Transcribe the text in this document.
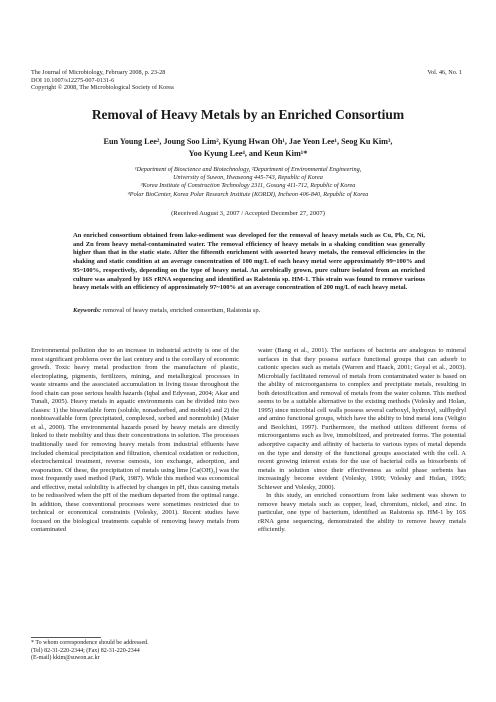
The Journal of Microbiology, February 2008, p. 23-28
DOI 10.1007/s12275-007-0131-6
Copyright © 2008, The Microbiological Society of Korea
Vol. 46, No. 1
Removal of Heavy Metals by an Enriched Consortium
Eun Young Lee², Joung Soo Lim², Kyung Hwan Oh¹, Jae Yeon Lee¹, Seog Ku Kim³,
Yoo Kyung Lee⁴, and Keun Kim¹*
¹Department of Bioscience and Biotechnology, ²Department of Environmental Engineering,
University of Suwon, Hwaseong 445-743, Republic of Korea
³Korea Institute of Construction Technology 2311, Gosung 411-712, Republic of Korea
⁴Polar BioCenter, Korea Polar Research Institute (KORDI), Incheon 406-840, Republic of Korea
(Received August 3, 2007 / Accepted December 27, 2007)

An enriched consortium obtained from lake-sediment was developed for the removal of heavy metals such as Cu, Pb, Cr, Ni, and Zn from heavy metal-contaminated water. The removal efficiency of heavy metals in a shaking condition was generally higher than that in the static state. After the fifteenth enrichment with assorted heavy metals, the removal efficiencies in the shaking and static condition at an average concentration of 100 mg/L of each heavy metal were approximately 99~100% and 95~100%, respectively, depending on the type of heavy metal. An aerobically grown, pure culture isolated from an enriched culture was analyzed by 16S rRNA sequencing and identified as Ralstonia sp. HM-1. This strain was found to remove various heavy metals with an efficiency of approximately 97~100% at an average concentration of 200 mg/L of each heavy metal.

Keywords: removal of heavy metals, enriched consortium, Ralstonia sp.

Environmental pollution due to an increase in industrial activity is one of the most significant problems over the last century and is the corollary of economic growth. Toxic heavy metal production from the manufacture of plastic, electroplating, pigments, fertilizers, mining, and metallurgical processes in waste streams and the associated accumulation in living tissue throughout the food chain can pose serious health hazards (Iqbal and Edyvean, 2004; Akar and Tunali, 2005). Heavy metals in aquatic environments can be divided into two classes: 1) the bioavailable form (soluble, nonadsorbed, and mobile) and 2) the nonbioavailable form (precipitated, complexed, sorbed and nonmobile) (Maier et al., 2000). The environmental hazards posed by heavy metals are directly linked to their mobility and thus their concentrations in solution. The processes traditionally used for removing heavy metals from industrial effluents have included chemical precipitation and filtration, chemical oxidation or reduction, electrochemical treatment, reverse osmosis, ion exchange, adsorption, and evaporation. Of these, the precipitation of metals using lime [Ca(OH)₂] was the most frequently used method (Park, 1987). While this method was economical and effective, metal solubility is affected by changes in pH, thus causing metals to be redissolved when the pH of the medium departed from the optimal range. In addition, these conventional processes were sometimes restricted due to technical or economical constraints (Volesky, 2001). Recent studies have focused on the biological treatments capable of removing heavy metals from contaminated

water (Bang et al., 2001). The surfaces of bacteria are analogous to mineral surfaces in that they possess surface functional groups that can adsorb to cationic species such as metals (Warren and Haack, 2001; Goyal et al., 2003). Microbially facilitated removal of metals from contaminated water is based on the ability of microorganisms to complex and precipitate metals, resulting in both detoxification and removal of metals from the water column. This method seems to be a suitable alternative to the existing methods (Volesky and Holan, 1995) since microbial cell walls possess several carboxyl, hydroxyl, sulfhydryl and amino functional groups, which have the ability to bind metal ions (Veligio and Beolchini, 1997). Furthermore, the method utilizes different forms of microorganisms such as live, immobilized, and pretreated forms. The potential adsorptive capacity and affinity of bacteria to various types of metal depends on the type and density of the functional groups associated with the cell. A recent growing interest exists for the use of bacterial cells as biosorbents of metals in solution since their effectiveness as solid phase sorbents has increasingly become evident (Volesky, 1990; Volesky and Holan, 1995; Schiewer and Volesky, 2000).

In this study, an enriched consortium from lake sediment was shown to remove heavy metals such as copper, lead, chromium, nickel, and zinc. In particular, one type of bacterium, identified as Ralstonia sp. HM-1 by 16S rRNA gene sequencing, demonstrated the ability to remove heavy metals efficiently.

* To whom correspondence should be addressed.
(Tel) 82-31-220-2344; (Fax) 82-31-220-2344
(E-mail) kkim@suwon.ac.kr
